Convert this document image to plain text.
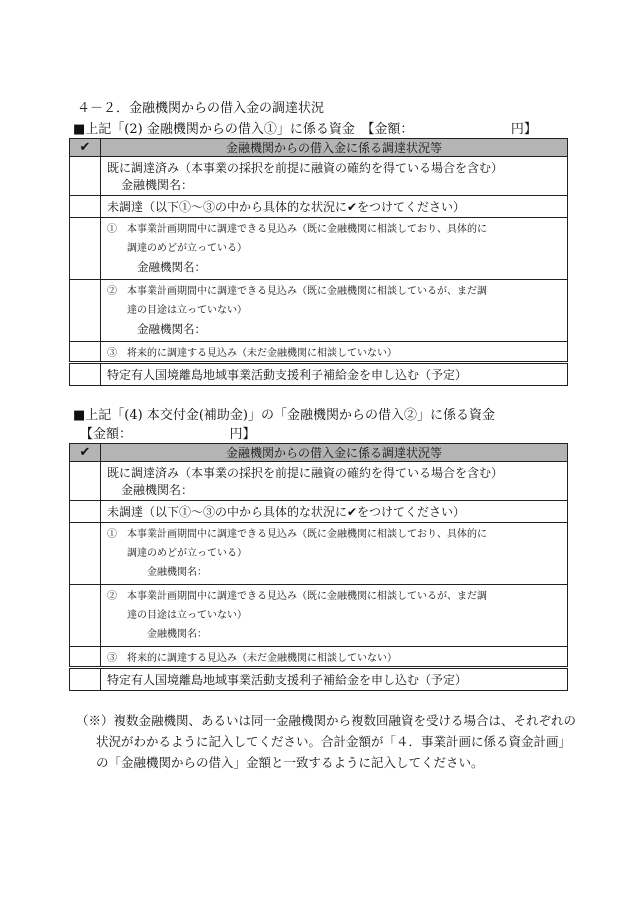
４－２．金融機関からの借入金の調達状況
■上記「(2) 金融機関からの借入①」に係る資金　【金額：　　　　　　　　円】
✔	金融機関からの借入金に係る調達状況等

	既に調達済み（本事業の採択を前提に融資の確約を得ている場合を含む）
金融機関名：

	未調達（以下①～③の中から具体的な状況に✔をつけてください）

	①　本事業計画期間中に調達できる見込み（既に金融機関に相談しており、具体的に
調達のめどが立っている）
金融機関名：

	②　本事業計画期間中に調達できる見込み（既に金融機関に相談しているが、まだ調
達の目途は立っていない）
金融機関名：

	③　将来的に調達する見込み（未だ金融機関に相談していない）
	特定有人国境離島地域事業活動支援利子補給金を申し込む（予定）
■上記「(4) 本交付金(補助金)」の「金融機関からの借入②」に係る資金
【金額：　　　　　　　　円】
✔	金融機関からの借入金に係る調達状況等

	既に調達済み（本事業の採択を前提に融資の確約を得ている場合を含む）
金融機関名：

	未調達（以下①～③の中から具体的な状況に✔をつけてください）

	①　本事業計画期間中に調達できる見込み（既に金融機関に相談しており、具体的に
調達のめどが立っている）
金融機関名：

	②　本事業計画期間中に調達できる見込み（既に金融機関に相談しているが、まだ調
達の目途は立っていない）
金融機関名：

	③　将来的に調達する見込み（未だ金融機関に相談していない）
	特定有人国境離島地域事業活動支援利子補給金を申し込む（予定）

（※）複数金融機関、あるいは同一金融機関から複数回融資を受ける場合は、それぞれの状況がわかるように記入してください。合計金額が「４．事業計画に係る資金計画」の「金融機関からの借入」金額と一致するように記入してください。
